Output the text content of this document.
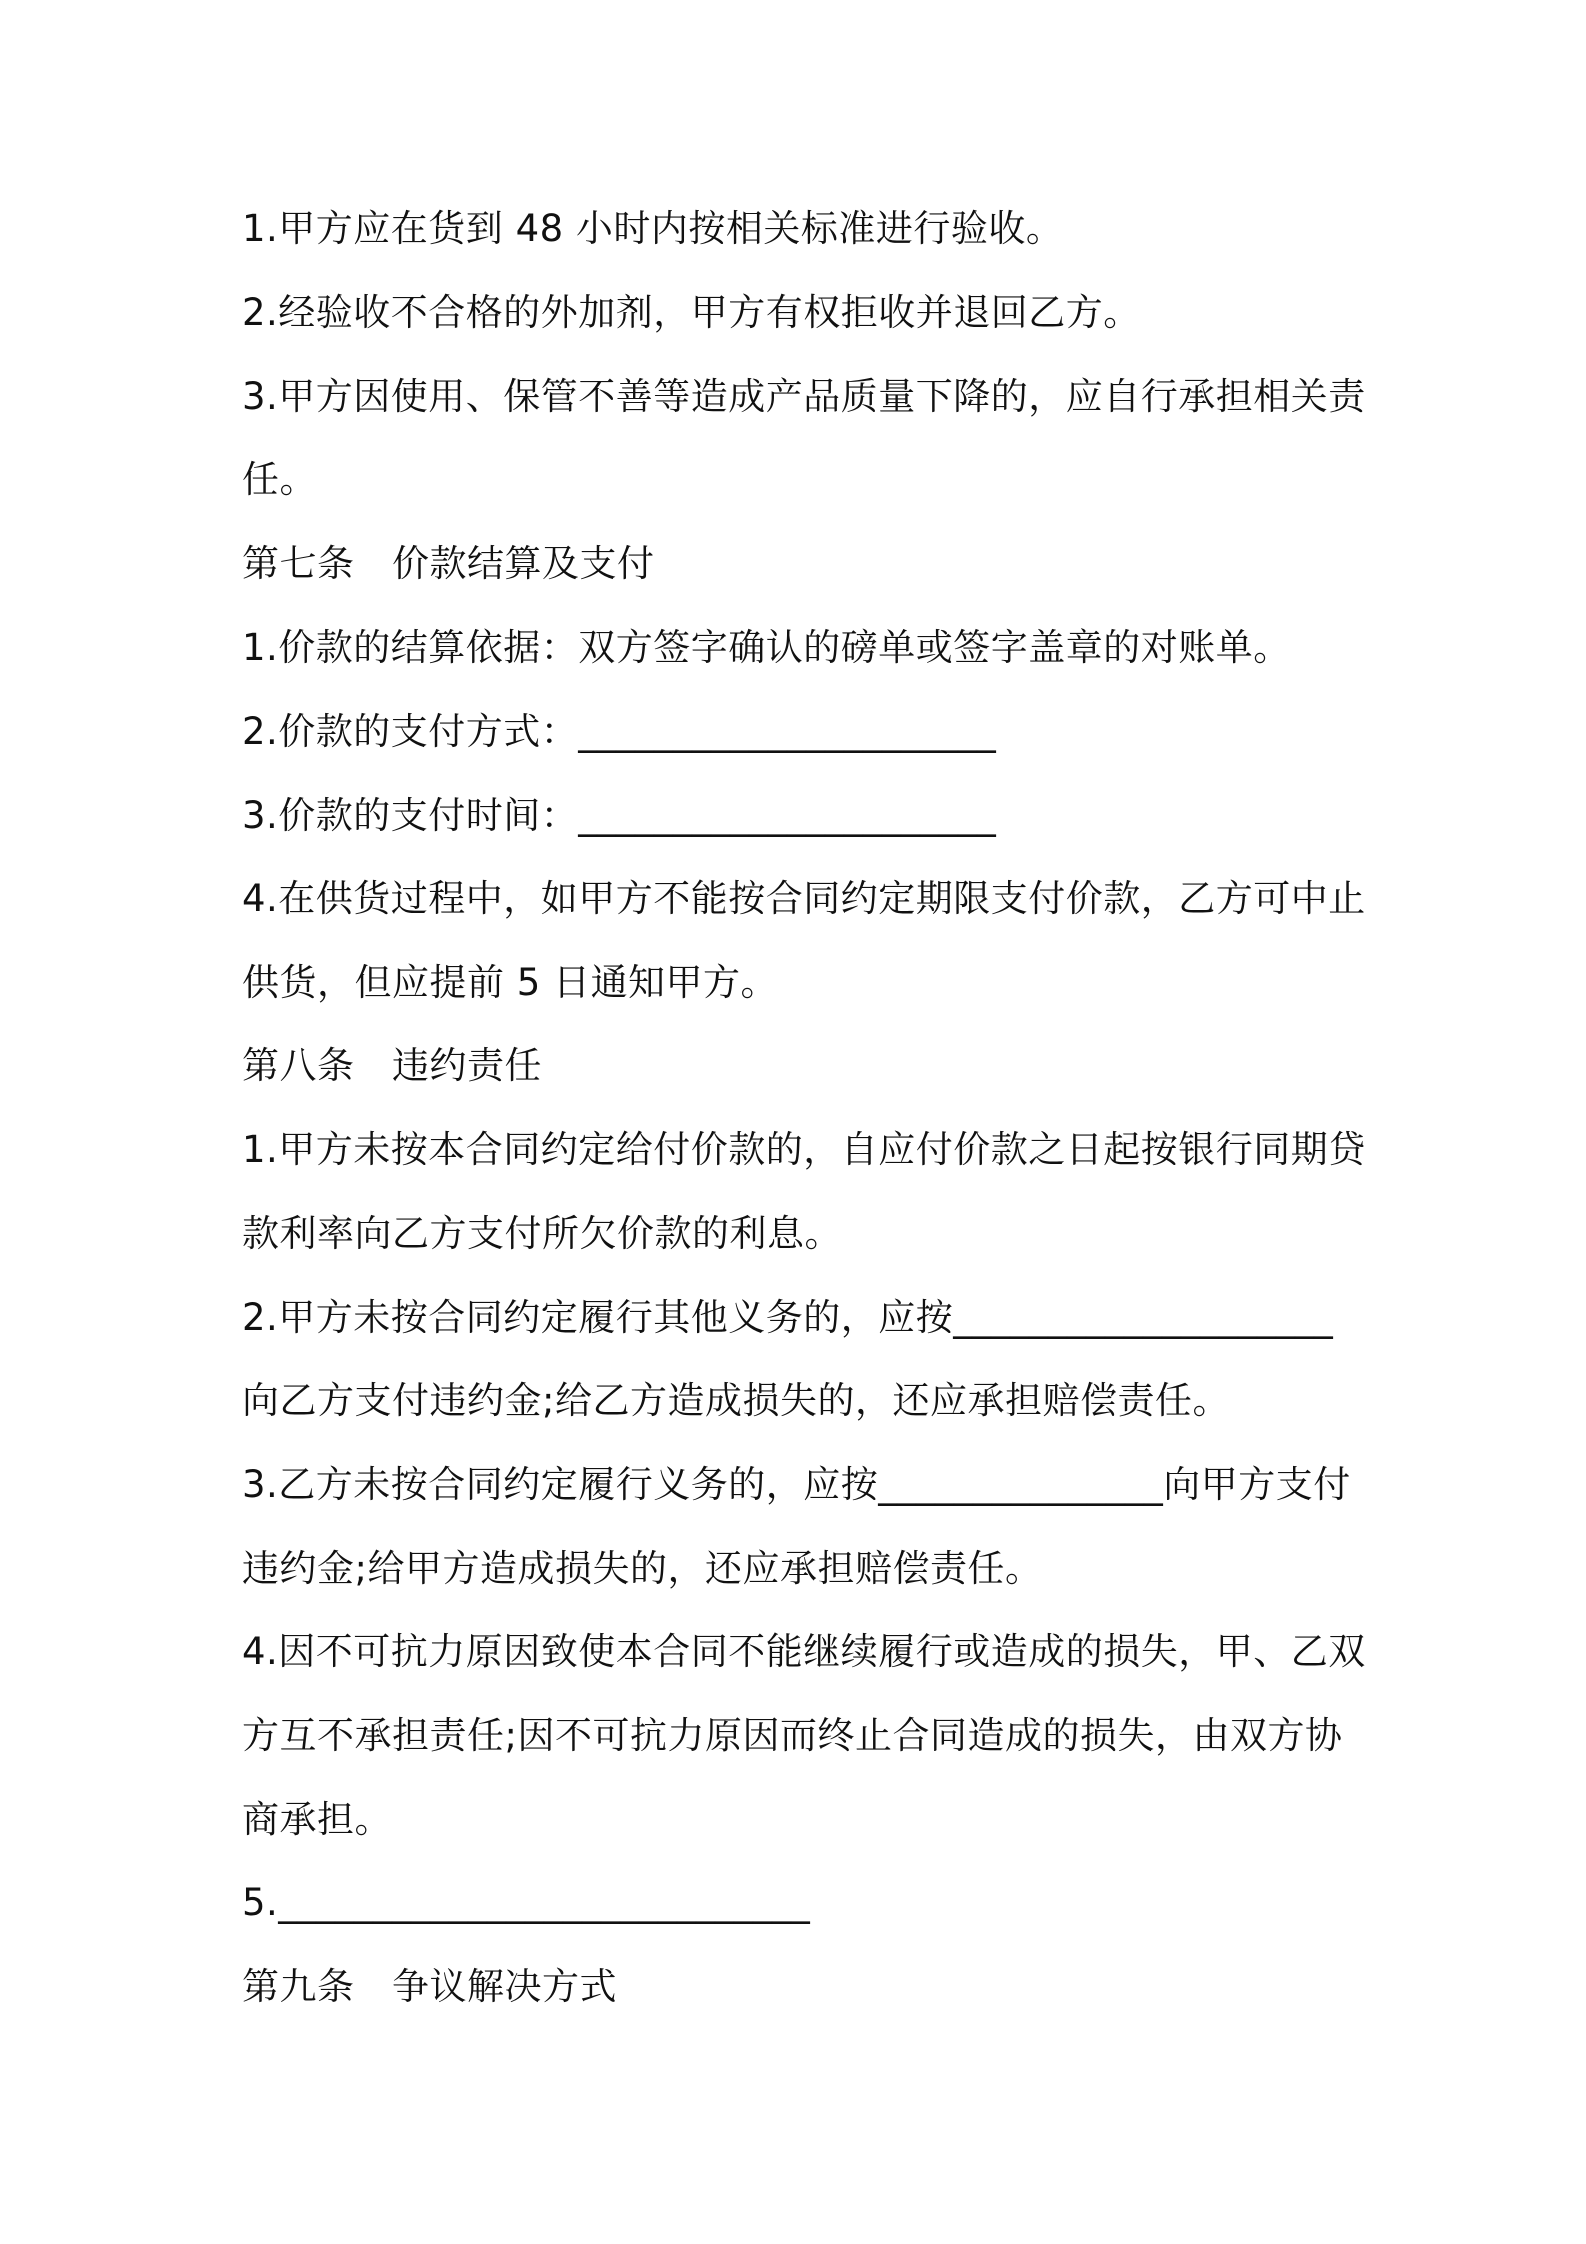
1.甲方应在货到 48 小时内按相关标准进行验收。
2.经验收不合格的外加剂，甲方有权拒收并退回乙方。
3.甲方因使用、保管不善等造成产品质量下降的，应自行承担相关责
任。
第七条　价款结算及支付
1.价款的结算依据：双方签字确认的磅单或签字盖章的对账单。
2.价款的支付方式：______________________
3.价款的支付时间：______________________
4.在供货过程中，如甲方不能按合同约定期限支付价款，乙方可中止
供货，但应提前 5 日通知甲方。
第八条　违约责任
1.甲方未按本合同约定给付价款的，自应付价款之日起按银行同期贷
款利率向乙方支付所欠价款的利息。
2.甲方未按合同约定履行其他义务的，应按____________________
向乙方支付违约金;给乙方造成损失的，还应承担赔偿责任。
3.乙方未按合同约定履行义务的，应按_______________向甲方支付
违约金;给甲方造成损失的，还应承担赔偿责任。
4.因不可抗力原因致使本合同不能继续履行或造成的损失，甲、乙双
方互不承担责任;因不可抗力原因而终止合同造成的损失，由双方协
商承担。
5.____________________________
第九条　争议解决方式
